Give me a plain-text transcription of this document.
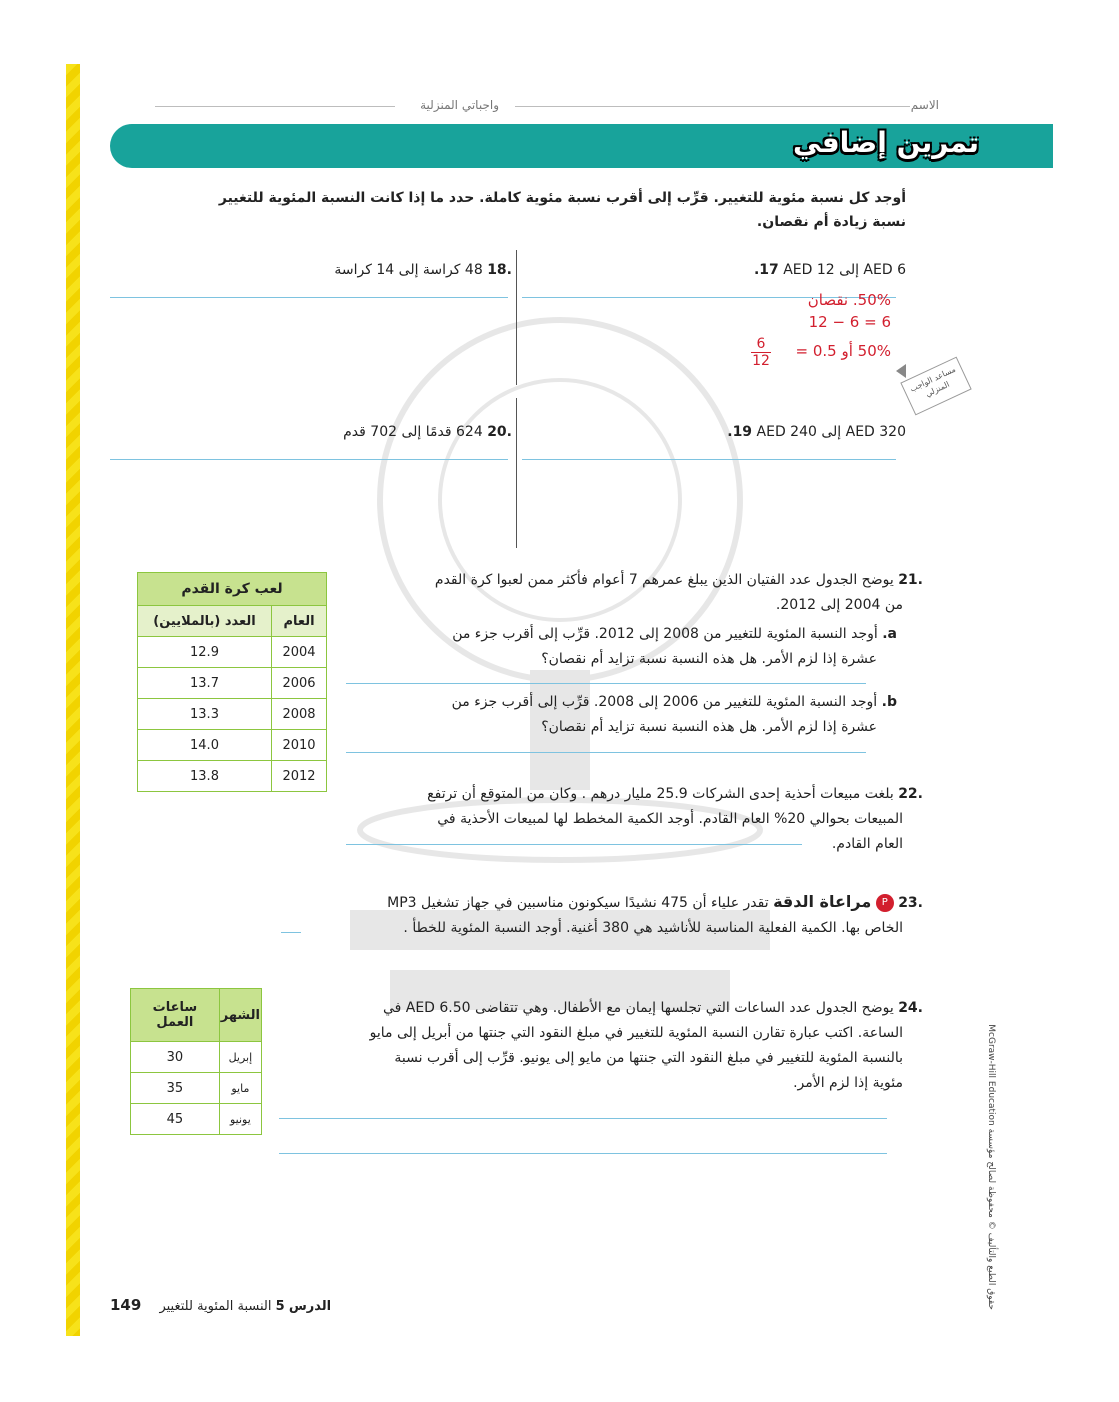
الاسم
واجباتي المنزلية
تمرين إضافي
أوجد كل نسبة مئوية للتغيير. قرِّب إلى أقرب نسبة مئوية كاملة. حدد ما إذا كانت النسبة المئوية للتغيير
نسبة زيادة أم نقصان.
.17 AED 12 إلى AED 6
50%. نقصان
12 − 6 = 6
50% أو 0.5 =
$\frac{6}{12}$
مساعد الواجب المنزلي
.18 48 كراسة إلى 14 كراسة
.19 AED 240 إلى AED 320
.20 624 قدمًا إلى 702 قدم
.21 يوضح الجدول عدد الفتيان الذين يبلغ عمرهم 7 أعوام فأكثر ممن لعبوا كرة القدم
من 2004 إلى 2012.
a. أوجد النسبة المئوية للتغيير من 2008 إلى 2012. قرِّب إلى أقرب جزء من
عشرة إذا لزم الأمر. هل هذه النسبة نسبة تزايد أم نقصان؟
b. أوجد النسبة المئوية للتغيير من 2006 إلى 2008. قرِّب إلى أقرب جزء من
عشرة إذا لزم الأمر. هل هذه النسبة نسبة تزايد أم نقصان؟
لعب كرة القدم	
العدد (بالملايين)	العام
12.9	2004
13.7	2006
13.3	2008
14.0	2010
13.8	2012
.22 بلغت مبيعات أحذية إحدى الشركات 25.9 مليار درهم . وكان من المتوقع أن ترتفع
المبيعات بحوالي 20% العام القادم. أوجد الكمية المخطط لها لمبيعات الأحذية في
العام القادم.
.23 P مراعاة الدقة تقدر علياء أن 475 نشيدًا سيكونون مناسبين في جهاز تشغيل MP3
الخاص بها. الكمية الفعلية المناسبة للأناشيد هي 380 أغنية. أوجد النسبة المئوية للخطأ .
.24 يوضح الجدول عدد الساعات التي تجلسها إيمان مع الأطفال. وهي تتقاضى AED 6.50 في
الساعة. اكتب عبارة تقارن النسبة المئوية للتغيير في مبلغ النقود التي جنتها من أبريل إلى مايو
بالنسبة المئوية للتغيير في مبلغ النقود التي جنتها من مايو إلى يونيو. قرِّب إلى أقرب نسبة
مئوية إذا لزم الأمر.
ساعات العمل	الشهر
30	إبريل
35	مايو
45	يونيو	حقوق الطبع والتأليف © محفوظة لصالح مؤسسة McGraw-Hill Education
149 النسبة المئوية للتغيير 5 الدرس
